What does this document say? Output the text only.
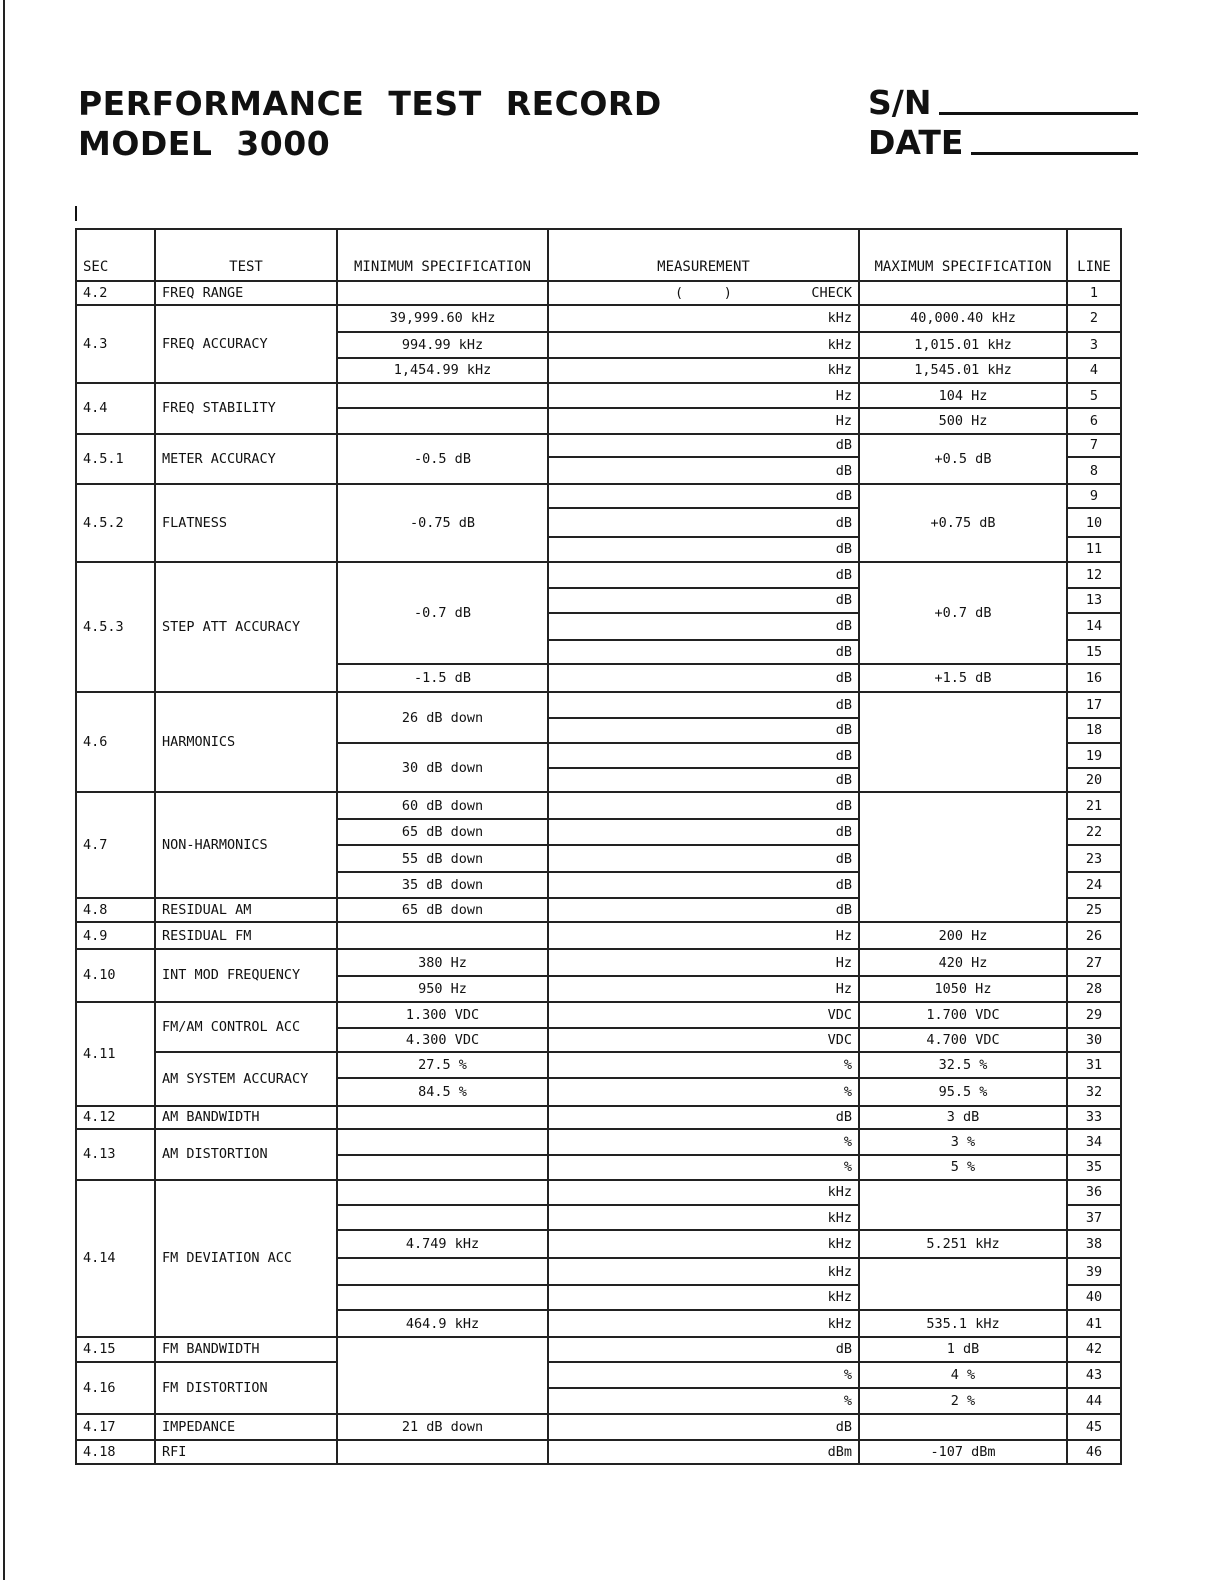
PERFORMANCE  TEST  RECORD
MODEL  3000
S/N
DATE
SEC	TEST	MINIMUM SPECIFICATION	MEASUREMENT	MAXIMUM SPECIFICATION	LINE
4.2	FREQ RANGE		(     ) CHECK		1
4.3	FREQ ACCURACY	39,999.60 kHz	kHz	40,000.40 kHz	2
		994.99 kHz	kHz	1,015.01 kHz	3
		1,454.99 kHz	kHz	1,545.01 kHz	4
4.4	FREQ STABILITY		Hz	104 Hz	5
			Hz	500 Hz	6
4.5.1	METER ACCURACY	-0.5 dB	dB	+0.5 dB	7
			dB		8
4.5.2	FLATNESS	-0.75 dB	dB	+0.75 dB	9
			dB		10
			dB		11
4.5.3	STEP ATT ACCURACY	-0.7 dB	dB	+0.7 dB	12
			dB		13
			dB		14
			dB		15
		-1.5 dB	dB	+1.5 dB	16
4.6	HARMONICS	26 dB down	dB		17
			dB		18
		30 dB down	dB		19
			dB		20
4.7	NON-HARMONICS	60 dB down	dB		21
		65 dB down	dB		22
		55 dB down	dB		23
		35 dB down	dB		24
4.8	RESIDUAL AM	65 dB down	dB		25
4.9	RESIDUAL FM		Hz	200 Hz	26
4.10	INT MOD FREQUENCY	380 Hz	Hz	420 Hz	27
		950 Hz	Hz	1050 Hz	28
4.11	FM/AM CONTROL ACC	1.300 VDC	VDC	1.700 VDC	29
		4.300 VDC	VDC	4.700 VDC	30
	AM SYSTEM ACCURACY	27.5 %	%	32.5 %	31
		84.5 %	%	95.5 %	32
4.12	AM BANDWIDTH		dB	3 dB	33
4.13	AM DISTORTION		%	3 %	34
			%	5 %	35
4.14	FM DEVIATION ACC		kHz		36
			kHz		37
		4.749 kHz	kHz	5.251 kHz	38
			kHz		39
			kHz		40
		464.9 kHz	kHz	535.1 kHz	41
4.15	FM BANDWIDTH		dB	1 dB	42
4.16	FM DISTORTION		%	4 %	43
			%	2 %	44
4.17	IMPEDANCE	21 dB down	dB		45
4.18	RFI		dBm	-107 dBm	46
